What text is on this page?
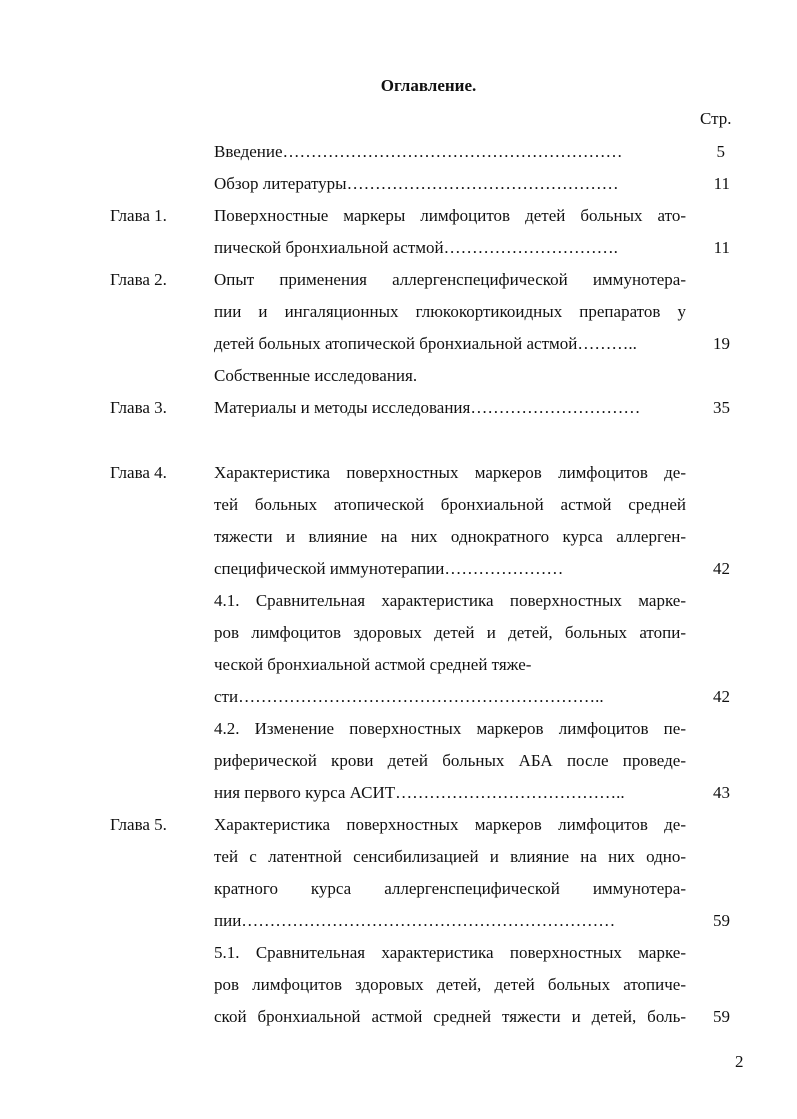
Оглавление.
Стр.
Введение……………………………………………………	5
Обзор литературы…………………………………………	11
Глава 1.	Поверхностные маркеры лимфоцитов детей больных ато-
пической бронхиальной астмой………………………….	11
Глава 2.	Опыт применения аллергенспецифической иммунотера-
пии и ингаляционных глюкокортикоидных препаратов у
детей больных атопической бронхиальной астмой………..	19
Собственные исследования.
Глава 3.	Материалы и методы исследования…………………………	35
Глава 4.	Характеристика поверхностных маркеров лимфоцитов де-
тей больных атопической бронхиальной астмой средней
тяжести и влияние на них однократного курса аллерген-
специфической иммунотерапии…………………	42
4.1. Сравнительная характеристика поверхностных марке-
ров лимфоцитов здоровых детей и детей, больных атопи-
ческой бронхиальной астмой средней тяже-
сти………………………………………………………..	42
4.2. Изменение поверхностных маркеров лимфоцитов пе-
риферической крови детей больных АБА после проведе-
ния первого курса АСИТ…………………………………..	43
Глава 5.	Характеристика поверхностных маркеров лимфоцитов де-
тей с латентной сенсибилизацией и влияние на них одно-
кратного курса аллергенспецифической иммунотера-
пии…………………………………………………………	59
5.1. Сравнительная характеристика поверхностных марке-
ров лимфоцитов здоровых детей, детей больных атопиче-
ской бронхиальной астмой средней тяжести и детей, боль-	59
2
